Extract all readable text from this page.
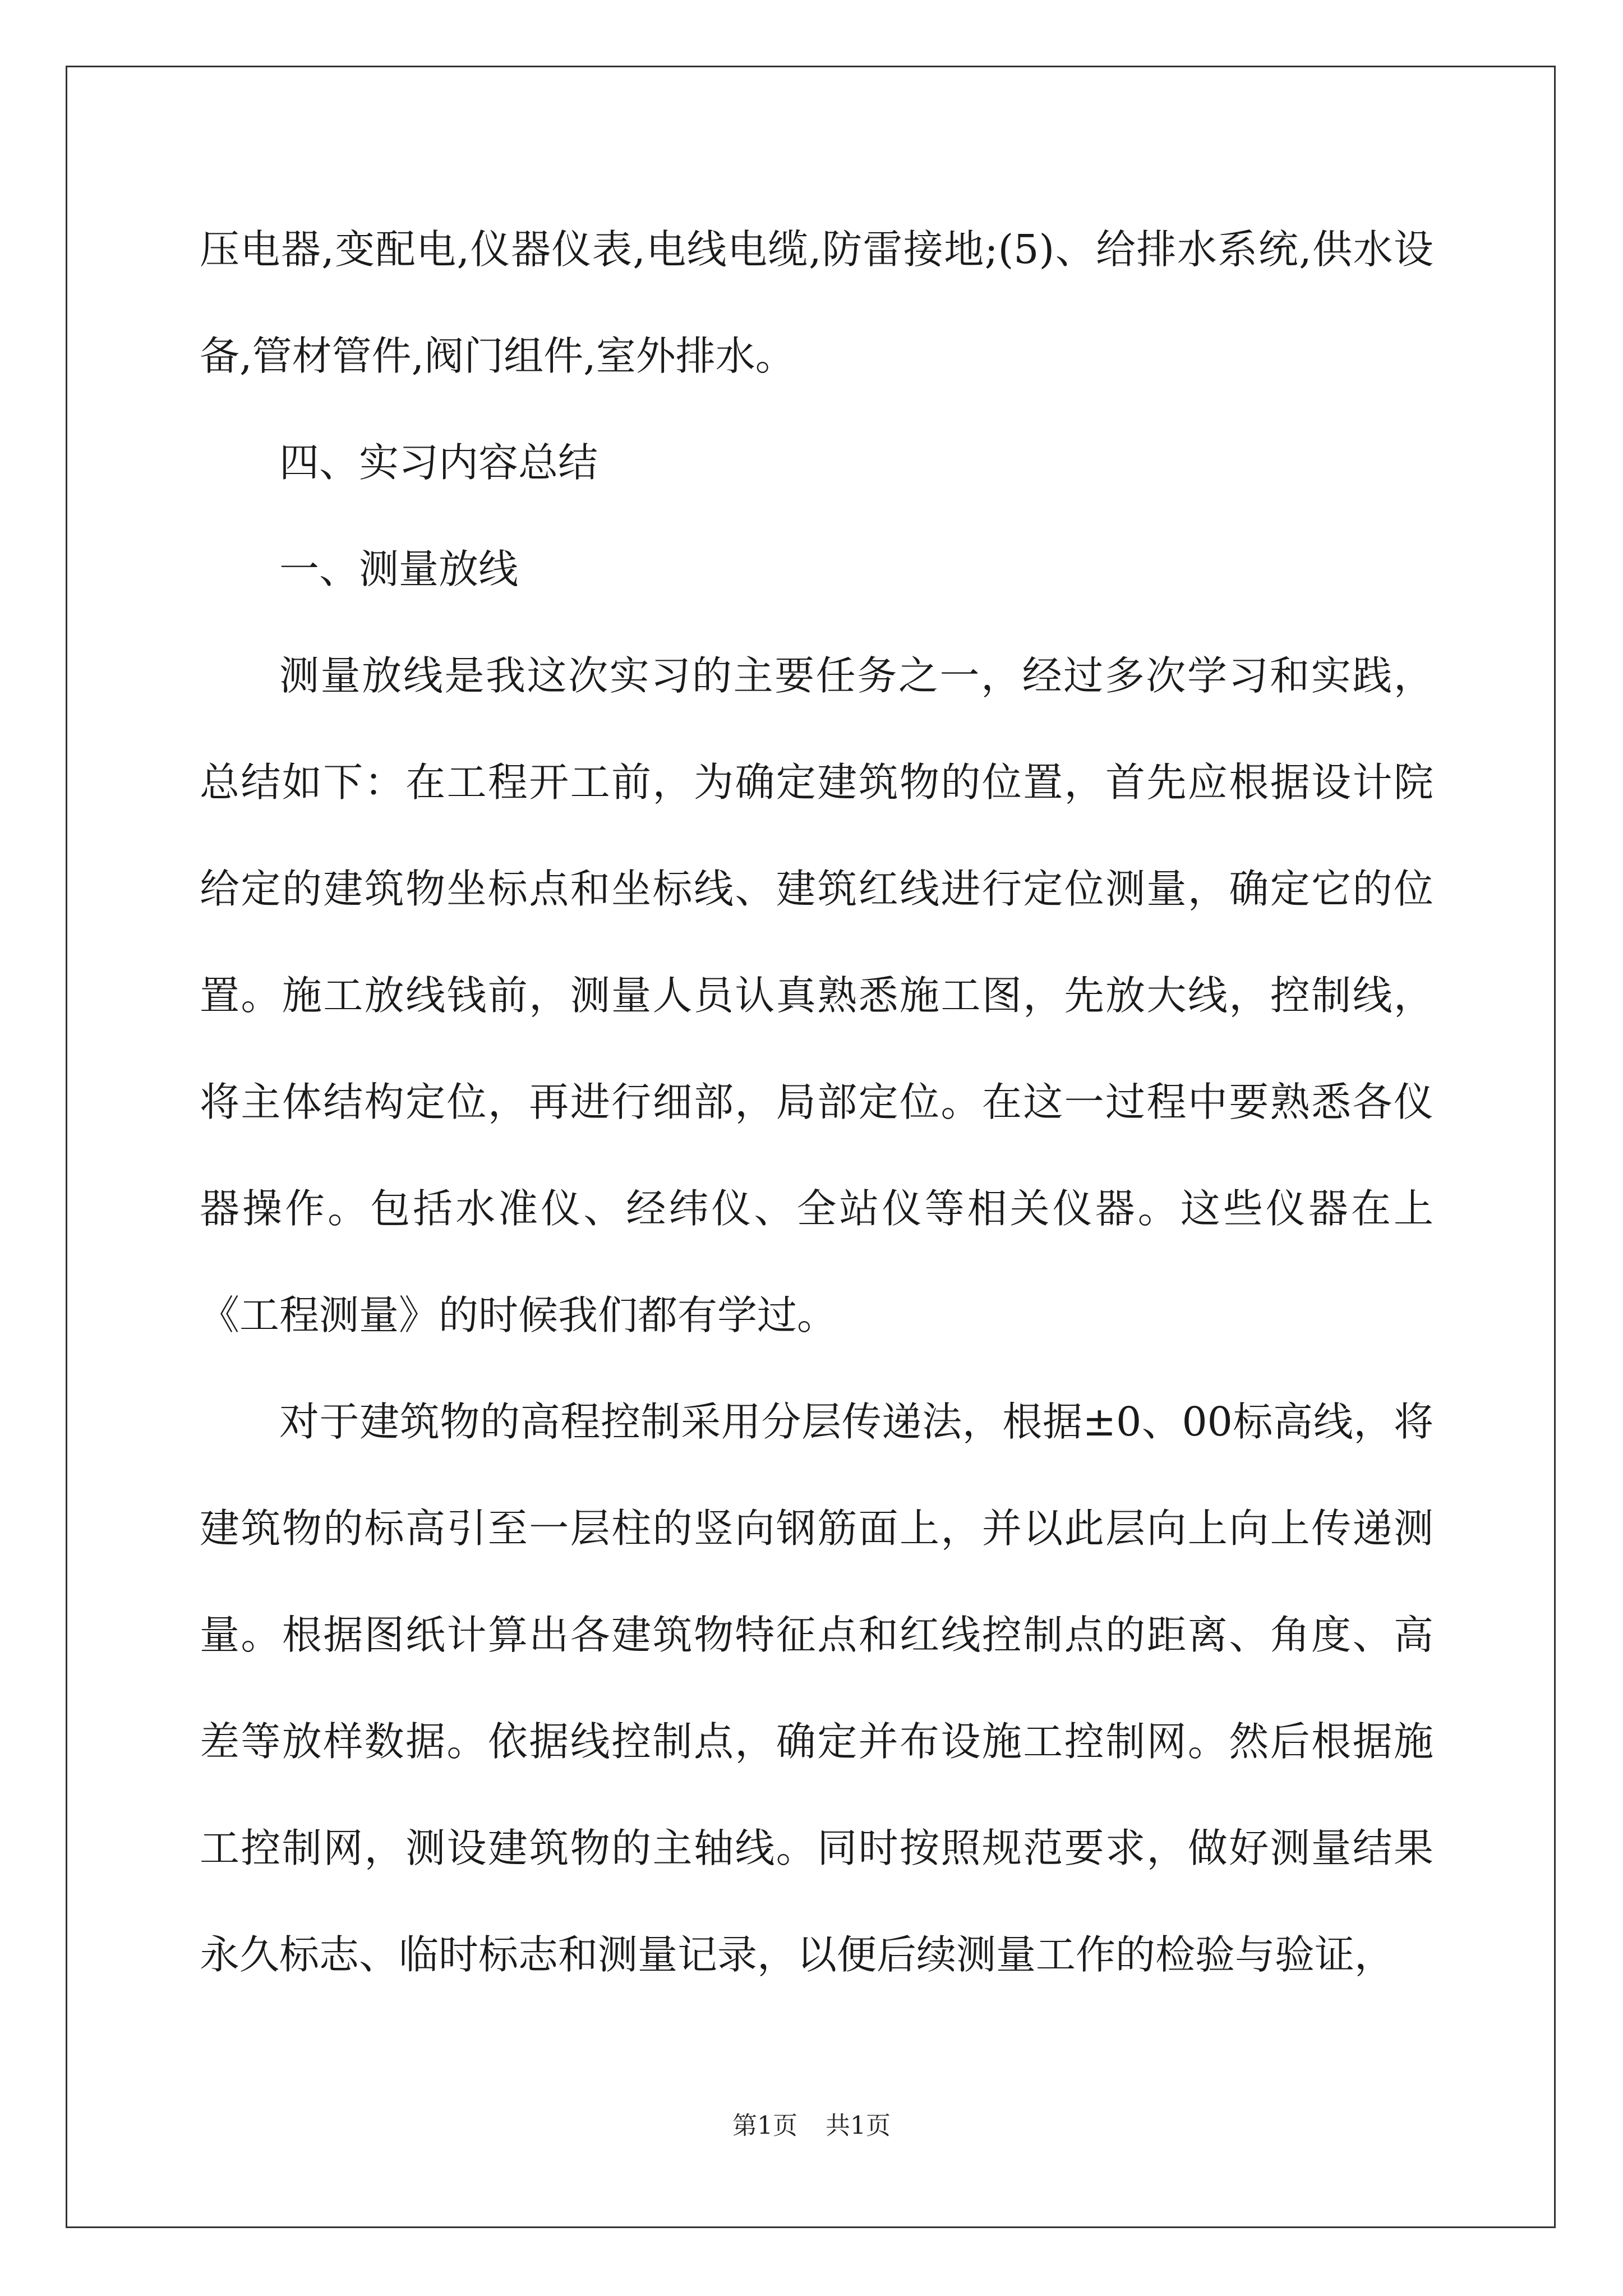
压电器,变配电,仪器仪表,电线电缆,防雷接地;(5)、给排水系统,供水设备,管材管件,阀门组件,室外排水。

四、实习内容总结

一、测量放线

测量放线是我这次实习的主要任务之一，经过多次学习和实践，总结如下：在工程开工前，为确定建筑物的位置，首先应根据设计院给定的建筑物坐标点和坐标线、建筑红线进行定位测量，确定它的位置。施工放线钱前，测量人员认真熟悉施工图，先放大线，控制线，将主体结构定位，再进行细部，局部定位。在这一过程中要熟悉各仪器操作。包括水准仪、经纬仪、全站仪等相关仪器。这些仪器在上《工程测量》的时候我们都有学过。

对于建筑物的高程控制采用分层传递法，根据±0、00标高线，将建筑物的标高引至一层柱的竖向钢筋面上，并以此层向上向上传递测量。根据图纸计算出各建筑物特征点和红线控制点的距离、角度、高差等放样数据。依据线控制点，确定并布设施工控制网。然后根据施工控制网，测设建筑物的主轴线。同时按照规范要求，做好测量结果永久标志、临时标志和测量记录，以便后续测量工作的检验与验证，

第1页 共1页
